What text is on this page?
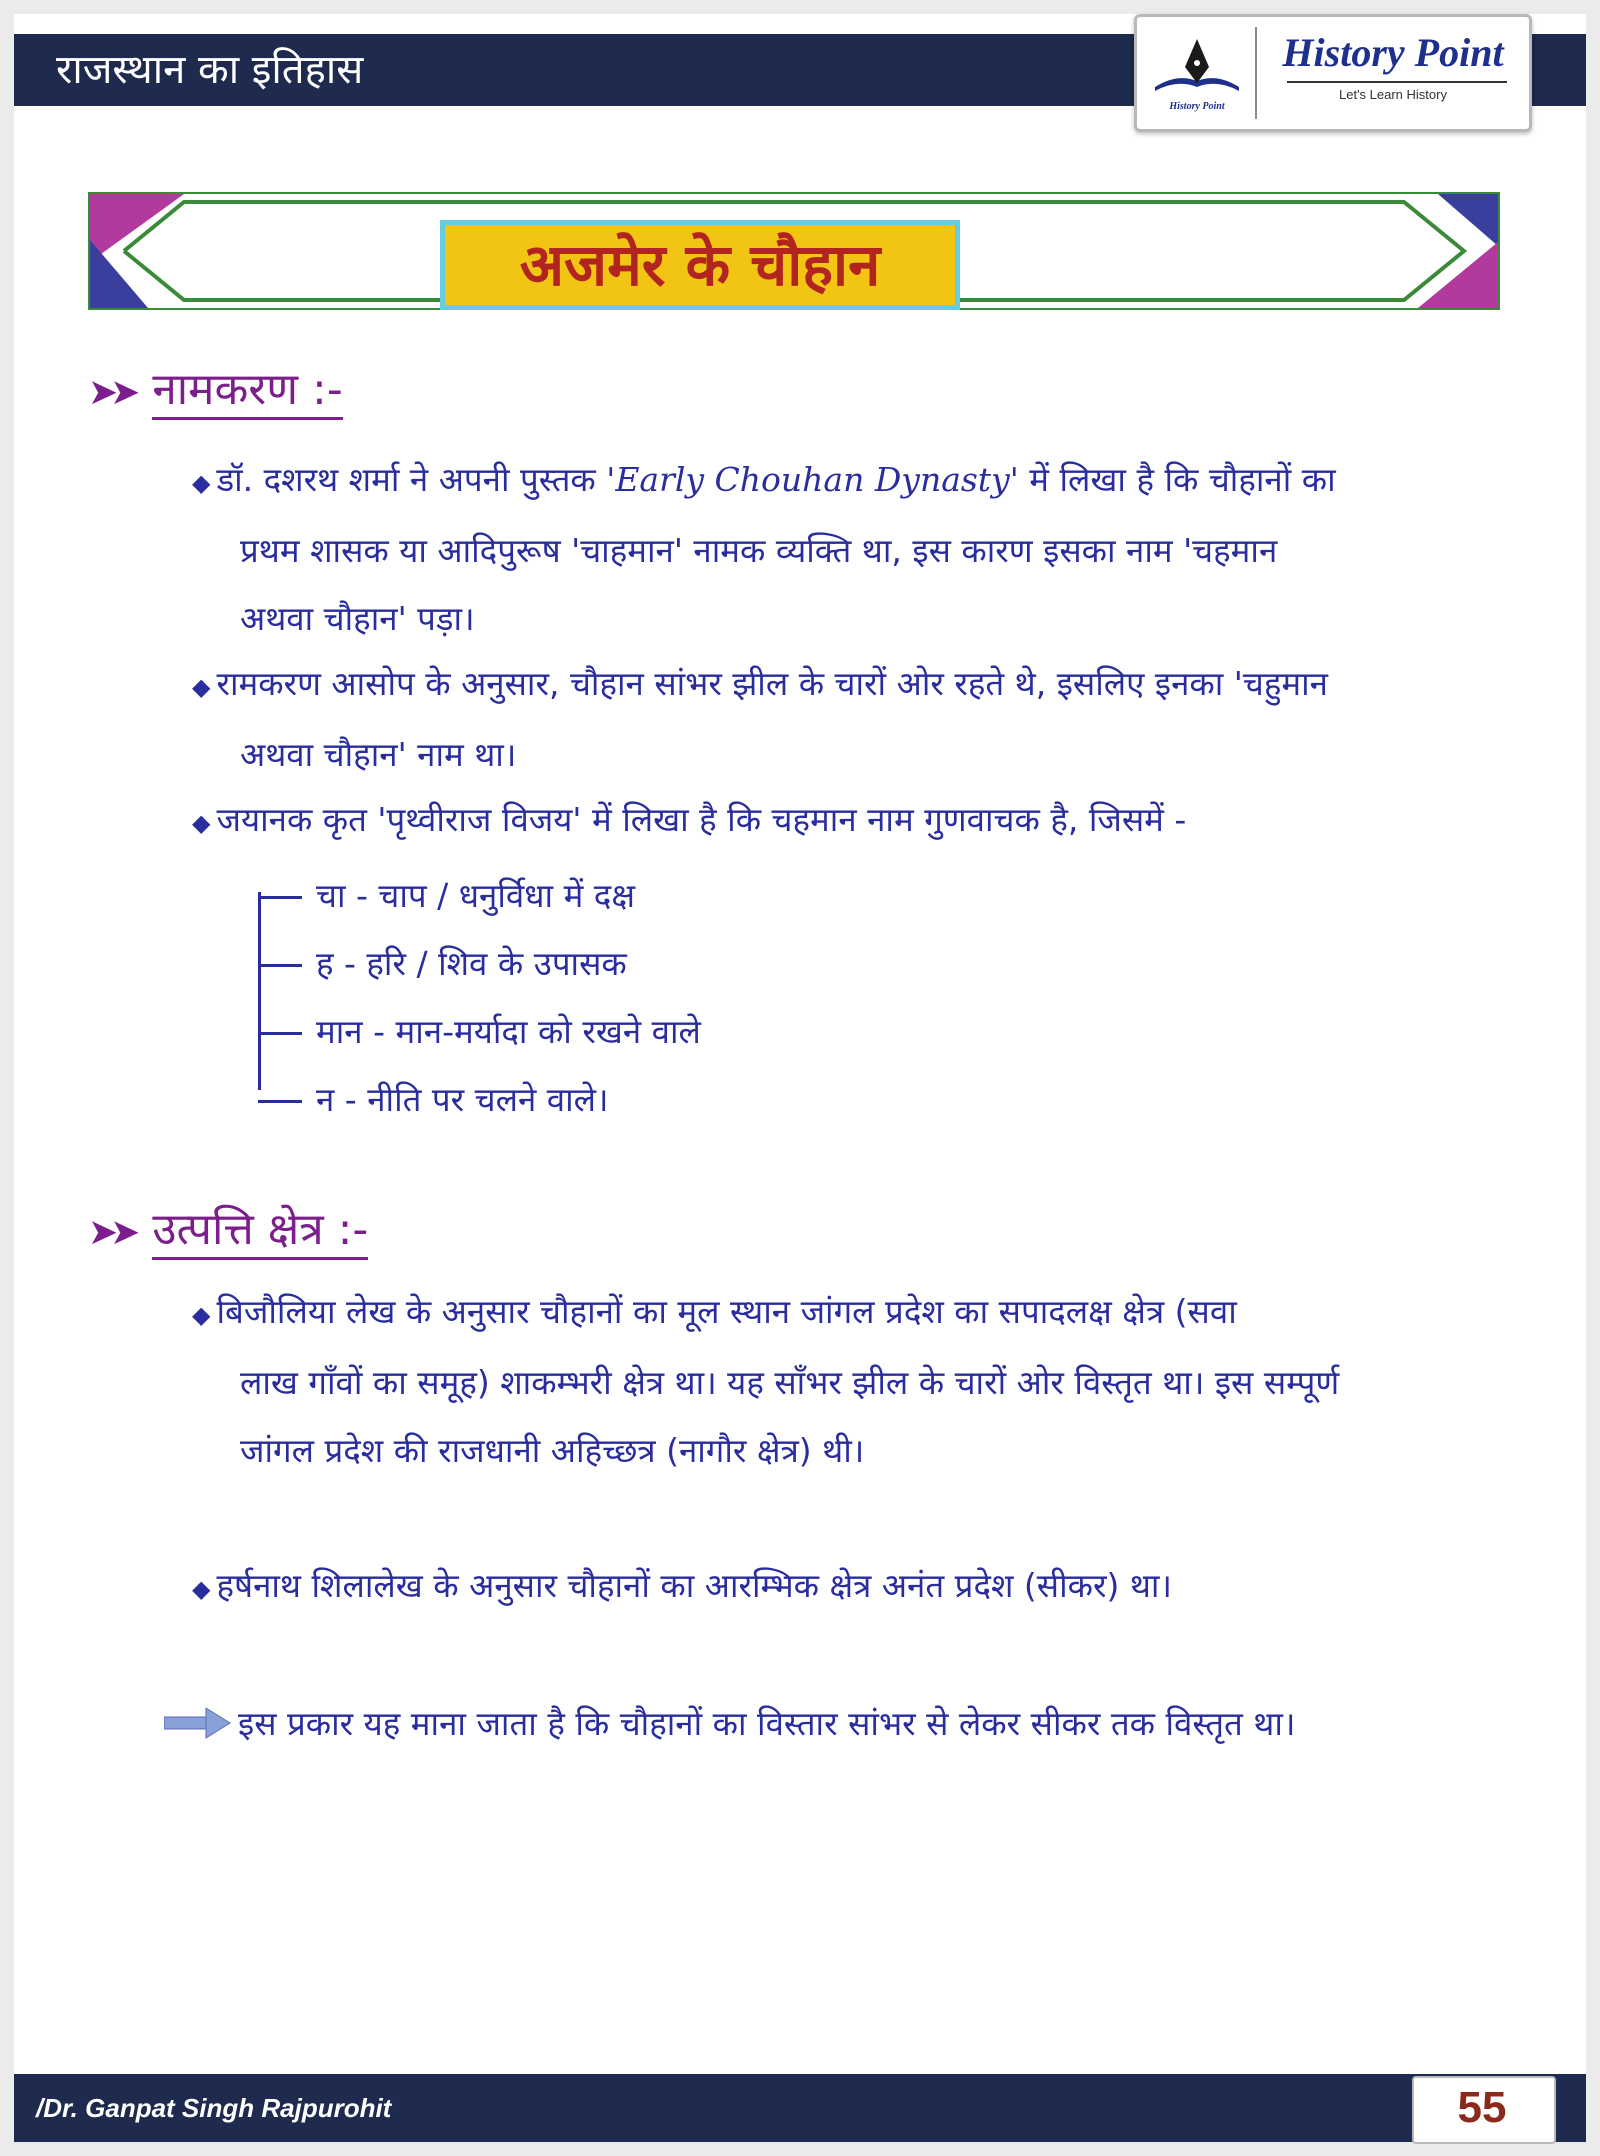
राजस्थान का इतिहास
History Point
History Point
Let's Learn History
अजमेर के चौहान
➤➤ नामकरण :-
◆ डॉ. दशरथ शर्मा ने अपनी पुस्तक 'Early Chouhan Dynasty' में लिखा है कि चौहानों का
प्रथम शासक या आदिपुरूष 'चाहमान' नामक व्यक्ति था, इस कारण इसका नाम 'चहमान
अथवा चौहान' पड़ा।
◆ रामकरण आसोप के अनुसार, चौहान सांभर झील के चारों ओर रहते थे, इसलिए इनका 'चहुमान
अथवा चौहान' नाम था।
◆ जयानक कृत 'पृथ्वीराज विजय' में लिखा है कि चहमान नाम गुणवाचक है, जिसमें -
चा - चाप / धनुर्विधा में दक्ष
ह - हरि / शिव के उपासक
मान - मान-मर्यादा को रखने वाले
न - नीति पर चलने वाले।
➤➤ उत्पत्ति क्षेत्र :-
◆ बिजौलिया लेख के अनुसार चौहानों का मूल स्थान जांगल प्रदेश का सपादलक्ष क्षेत्र (सवा
लाख गाँवों का समूह) शाकम्भरी क्षेत्र था। यह साँभर झील के चारों ओर विस्तृत था। इस सम्पूर्ण
जांगल प्रदेश की राजधानी अहिच्छत्र (नागौर क्षेत्र) थी।
◆ हर्षनाथ शिलालेख के अनुसार चौहानों का आरम्भिक क्षेत्र अनंत प्रदेश (सीकर) था।
इस प्रकार यह माना जाता है कि चौहानों का विस्तार सांभर से लेकर सीकर तक विस्तृत था।
/Dr. Ganpat Singh Rajpurohit	55
